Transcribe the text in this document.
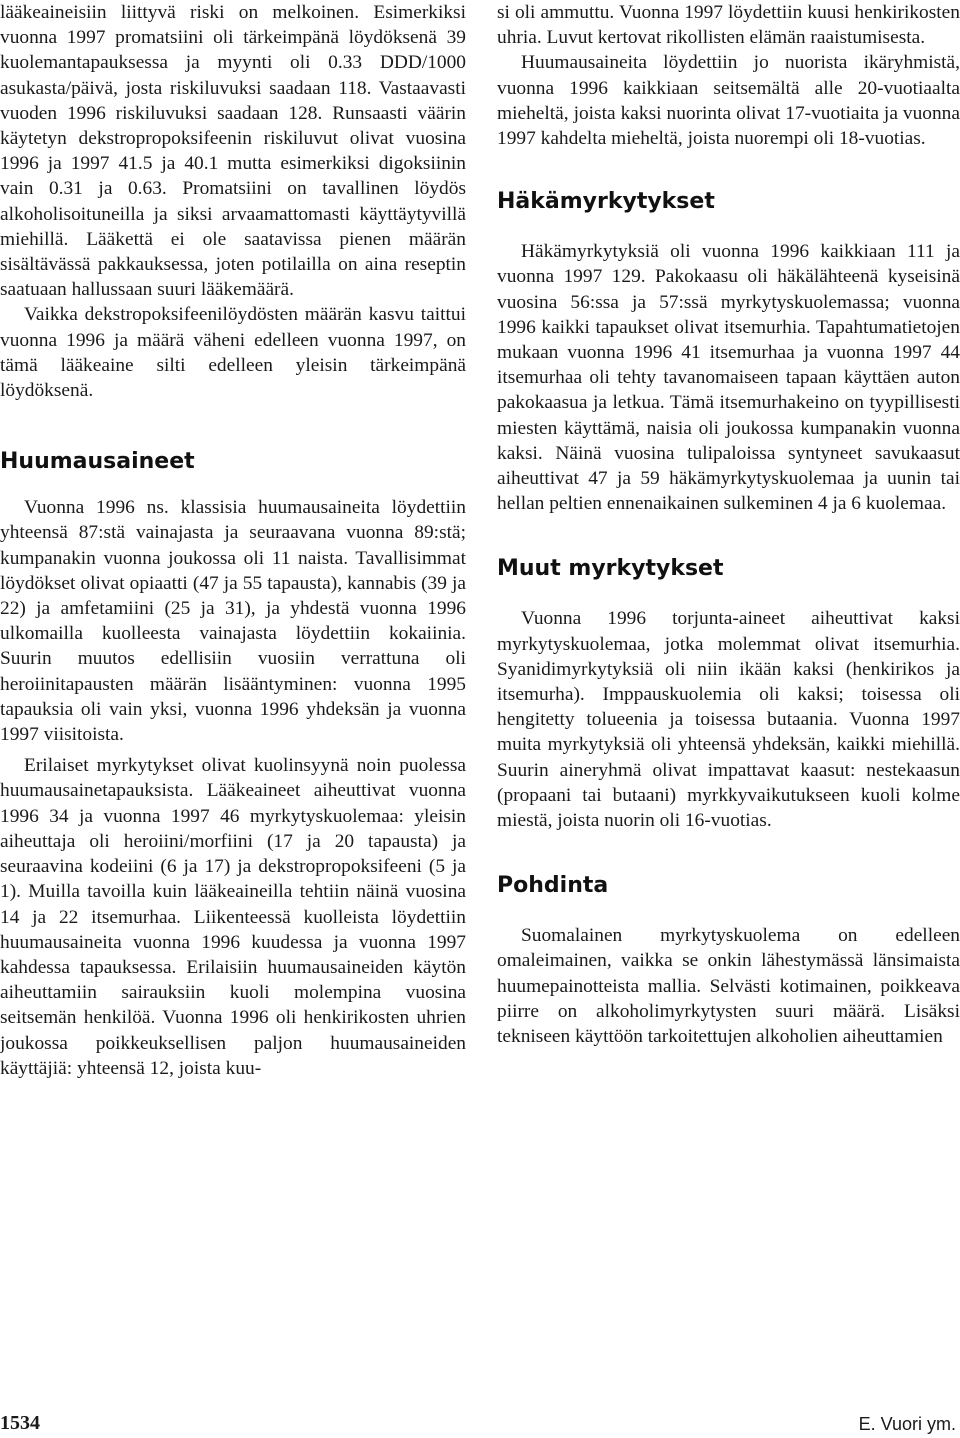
lääkeaineisiin liittyvä riski on melkoinen. Esimerkiksi vuonna 1997 promatsiini oli tärkeimpänä löydöksenä 39 kuolemantapauksessa ja myynti oli 0.33 DDD/1000 asukasta/päivä, josta riskiluvuksi saadaan 118. Vastaavasti vuoden 1996 riskiluvuksi saadaan 128. Runsaasti väärin käytetyn dekstropropoksifeenin riskiluvut olivat vuosina 1996 ja 1997 41.5 ja 40.1 mutta esimerkiksi digoksiinin vain 0.31 ja 0.63. Promatsiini on tavallinen löydös alkoholisoituneilla ja siksi arvaamattomasti käyttäytyvillä miehillä. Lääkettä ei ole saatavissa pienen määrän sisältävässä pakkauksessa, joten potilailla on aina reseptin saatuaan hallussaan suuri lääkemäärä.

Vaikka dekstropoksifeenilöydösten määrän kasvu taittui vuonna 1996 ja määrä väheni edelleen vuonna 1997, on tämä lääkeaine silti edelleen yleisin tärkeimpänä löydöksenä.

Huumausaineet

Vuonna 1996 ns. klassisia huumausaineita löydettiin yhteensä 87:stä vainajasta ja seuraavana vuonna 89:stä; kumpanakin vuonna joukossa oli 11 naista. Tavallisimmat löydökset olivat opiaatti (47 ja 55 tapausta), kannabis (39 ja 22) ja amfetamiini (25 ja 31), ja yhdestä vuonna 1996 ulkomailla kuolleesta vainajasta löydettiin kokaiinia. Suurin muutos edellisiin vuosiin verrattuna oli heroiinitapausten määrän lisääntyminen: vuonna 1995 tapauksia oli vain yksi, vuonna 1996 yhdeksän ja vuonna 1997 viisitoista.

Erilaiset myrkytykset olivat kuolinsyynä noin puolessa huumausainetapauksista. Lääkeaineet aiheuttivat vuonna 1996 34 ja vuonna 1997 46 myrkytyskuolemaa: yleisin aiheuttaja oli heroiini/morfiini (17 ja 20 tapausta) ja seuraavina kodeiini (6 ja 17) ja dekstropropoksifeeni (5 ja 1). Muilla tavoilla kuin lääkeaineilla tehtiin näinä vuosina 14 ja 22 itsemurhaa. Liikenteessä kuolleista löydettiin huumausaineita vuonna 1996 kuudessa ja vuonna 1997 kahdessa tapauksessa. Erilaisiin huumausaineiden käytön aiheuttamiin sairauksiin kuoli molempina vuosina seitsemän henkilöä. Vuonna 1996 oli henkirikosten uhrien joukossa poikkeuksellisen paljon huumausaineiden käyttäjiä: yhteensä 12, joista kuu-

si oli ammuttu. Vuonna 1997 löydettiin kuusi henkirikosten uhria. Luvut kertovat rikollisten elämän raaistumisesta.

Huumausaineita löydettiin jo nuorista ikäryhmistä, vuonna 1996 kaikkiaan seitsemältä alle 20-vuotiaalta mieheltä, joista kaksi nuorinta olivat 17-vuotiaita ja vuonna 1997 kahdelta mieheltä, joista nuorempi oli 18-vuotias.

Häkämyrkytykset

Häkämyrkytyksiä oli vuonna 1996 kaikkiaan 111 ja vuonna 1997 129. Pakokaasu oli häkälähteenä kyseisinä vuosina 56:ssa ja 57:ssä myrkytyskuolemassa; vuonna 1996 kaikki tapaukset olivat itsemurhia. Tapahtumatietojen mukaan vuonna 1996 41 itsemurhaa ja vuonna 1997 44 itsemurhaa oli tehty tavanomaiseen tapaan käyttäen auton pakokaasua ja letkua. Tämä itsemurhakeino on tyypillisesti miesten käyttämä, naisia oli joukossa kumpanakin vuonna kaksi. Näinä vuosina tulipaloissa syntyneet savukaasut aiheuttivat 47 ja 59 häkämyrkytyskuolemaa ja uunin tai hellan peltien ennenaikainen sulkeminen 4 ja 6 kuolemaa.

Muut myrkytykset

Vuonna 1996 torjunta-aineet aiheuttivat kaksi myrkytyskuolemaa, jotka molemmat olivat itsemurhia. Syanidimyrkytyksiä oli niin ikään kaksi (henkirikos ja itsemurha). Imppauskuolemia oli kaksi; toisessa oli hengitetty tolueenia ja toisessa butaania. Vuonna 1997 muita myrkytyksiä oli yhteensä yhdeksän, kaikki miehillä. Suurin aineryhmä olivat impattavat kaasut: nestekaasun (propaani tai butaani) myrkkyvaikutukseen kuoli kolme miestä, joista nuorin oli 16-vuotias.

Pohdinta

Suomalainen myrkytyskuolema on edelleen omaleimainen, vaikka se onkin lähestymässä länsimaista huumepainotteista mallia. Selvästi kotimainen, poikkeava piirre on alkoholimyrkytysten suuri määrä. Lisäksi tekniseen käyttöön tarkoitettujen alkoholien aiheuttamien

1534	E. Vuori ym.
